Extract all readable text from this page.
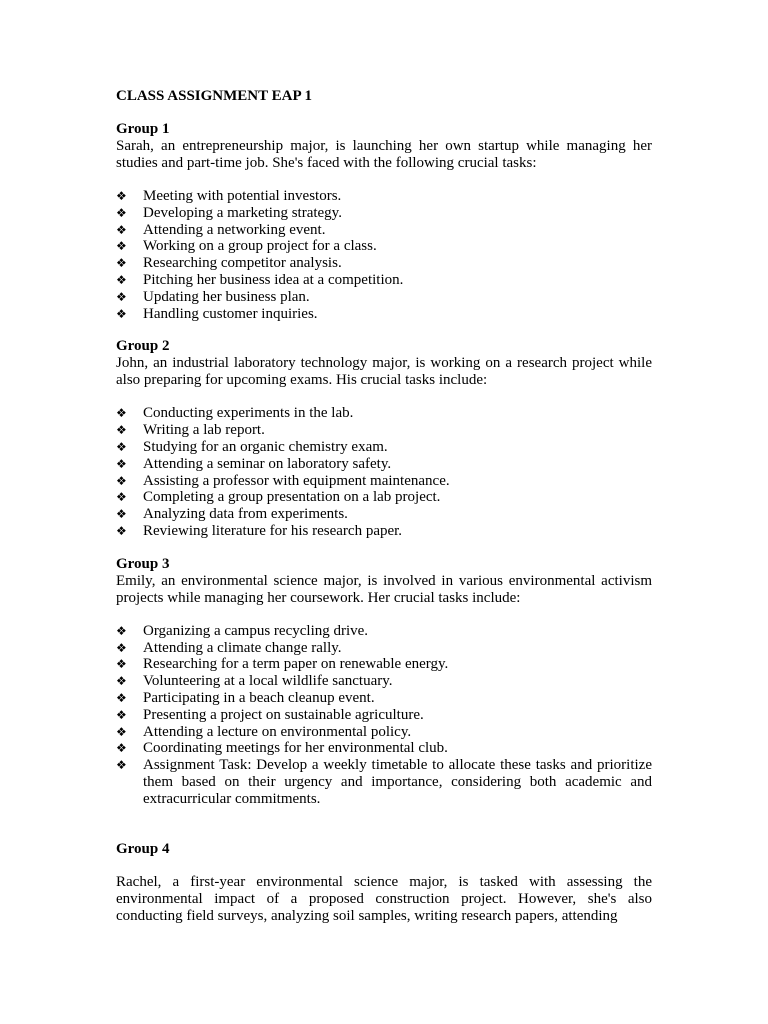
CLASS ASSIGNMENT EAP 1
Group 1

Sarah, an entrepreneurship major, is launching her own startup while managing her studies and part-time job. She's faced with the following crucial tasks:

❖ Meeting with potential investors.
❖ Developing a marketing strategy.
❖ Attending a networking event.
❖ Working on a group project for a class.
❖ Researching competitor analysis.
❖ Pitching her business idea at a competition.
❖ Updating her business plan.
❖ Handling customer inquiries.
Group 2

John, an industrial laboratory technology major, is working on a research project while also preparing for upcoming exams. His crucial tasks include:

❖ Conducting experiments in the lab.
❖ Writing a lab report.
❖ Studying for an organic chemistry exam.
❖ Attending a seminar on laboratory safety.
❖ Assisting a professor with equipment maintenance.
❖ Completing a group presentation on a lab project.
❖ Analyzing data from experiments.
❖ Reviewing literature for his research paper.
Group 3

Emily, an environmental science major, is involved in various environmental activism projects while managing her coursework. Her crucial tasks include:

❖ Organizing a campus recycling drive.
❖ Attending a climate change rally.
❖ Researching for a term paper on renewable energy.
❖ Volunteering at a local wildlife sanctuary.
❖ Participating in a beach cleanup event.
❖ Presenting a project on sustainable agriculture.
❖ Attending a lecture on environmental policy.
❖ Coordinating meetings for her environmental club.
❖ Assignment Task: Develop a weekly timetable to allocate these tasks and prioritize them based on their urgency and importance, considering both academic and extracurricular commitments.
Group 4

Rachel, a first-year environmental science major, is tasked with assessing the environmental impact of a proposed construction project. However, she's also conducting field surveys, analyzing soil samples, writing research papers, attending
